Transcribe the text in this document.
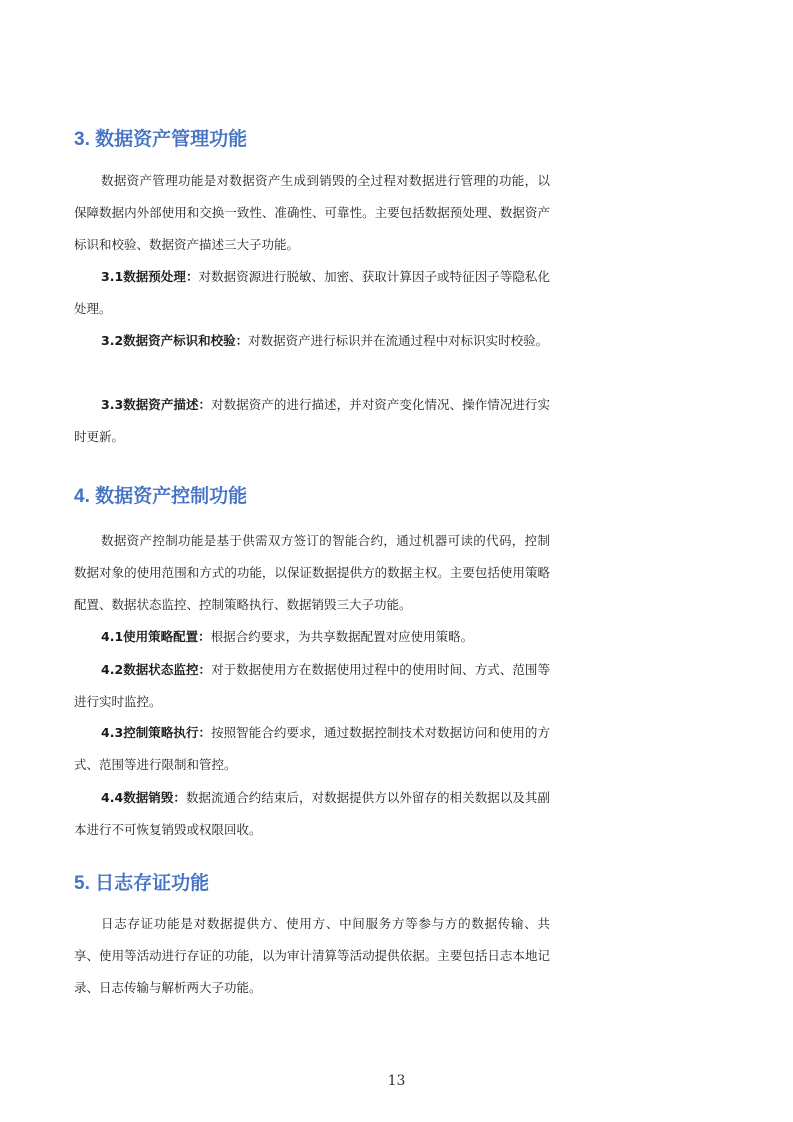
3. 数据资产管理功能

数据资产管理功能是对数据资产生成到销毁的全过程对数据进行管理的功能，以保障数据内外部使用和交换一致性、准确性、可靠性。主要包括数据预处理、数据资产标识和校验、数据资产描述三大子功能。

3.1数据预处理：对数据资源进行脱敏、加密、获取计算因子或特征因子等隐私化处理。

3.2数据资产标识和校验：对数据资产进行标识并在流通过程中对标识实时校验。

3.3数据资产描述：对数据资产的进行描述，并对资产变化情况、操作情况进行实时更新。

4. 数据资产控制功能

数据资产控制功能是基于供需双方签订的智能合约，通过机器可读的代码，控制数据对象的使用范围和方式的功能，以保证数据提供方的数据主权。主要包括使用策略配置、数据状态监控、控制策略执行、数据销毁三大子功能。

4.1使用策略配置：根据合约要求，为共享数据配置对应使用策略。

4.2数据状态监控：对于数据使用方在数据使用过程中的使用时间、方式、范围等进行实时监控。

4.3控制策略执行：按照智能合约要求，通过数据控制技术对数据访问和使用的方式、范围等进行限制和管控。

4.4数据销毁：数据流通合约结束后，对数据提供方以外留存的相关数据以及其副本进行不可恢复销毁或权限回收。

5. 日志存证功能

日志存证功能是对数据提供方、使用方、中间服务方等参与方的数据传输、共享、使用等活动进行存证的功能，以为审计清算等活动提供依据。主要包括日志本地记录、日志传输与解析两大子功能。

13
